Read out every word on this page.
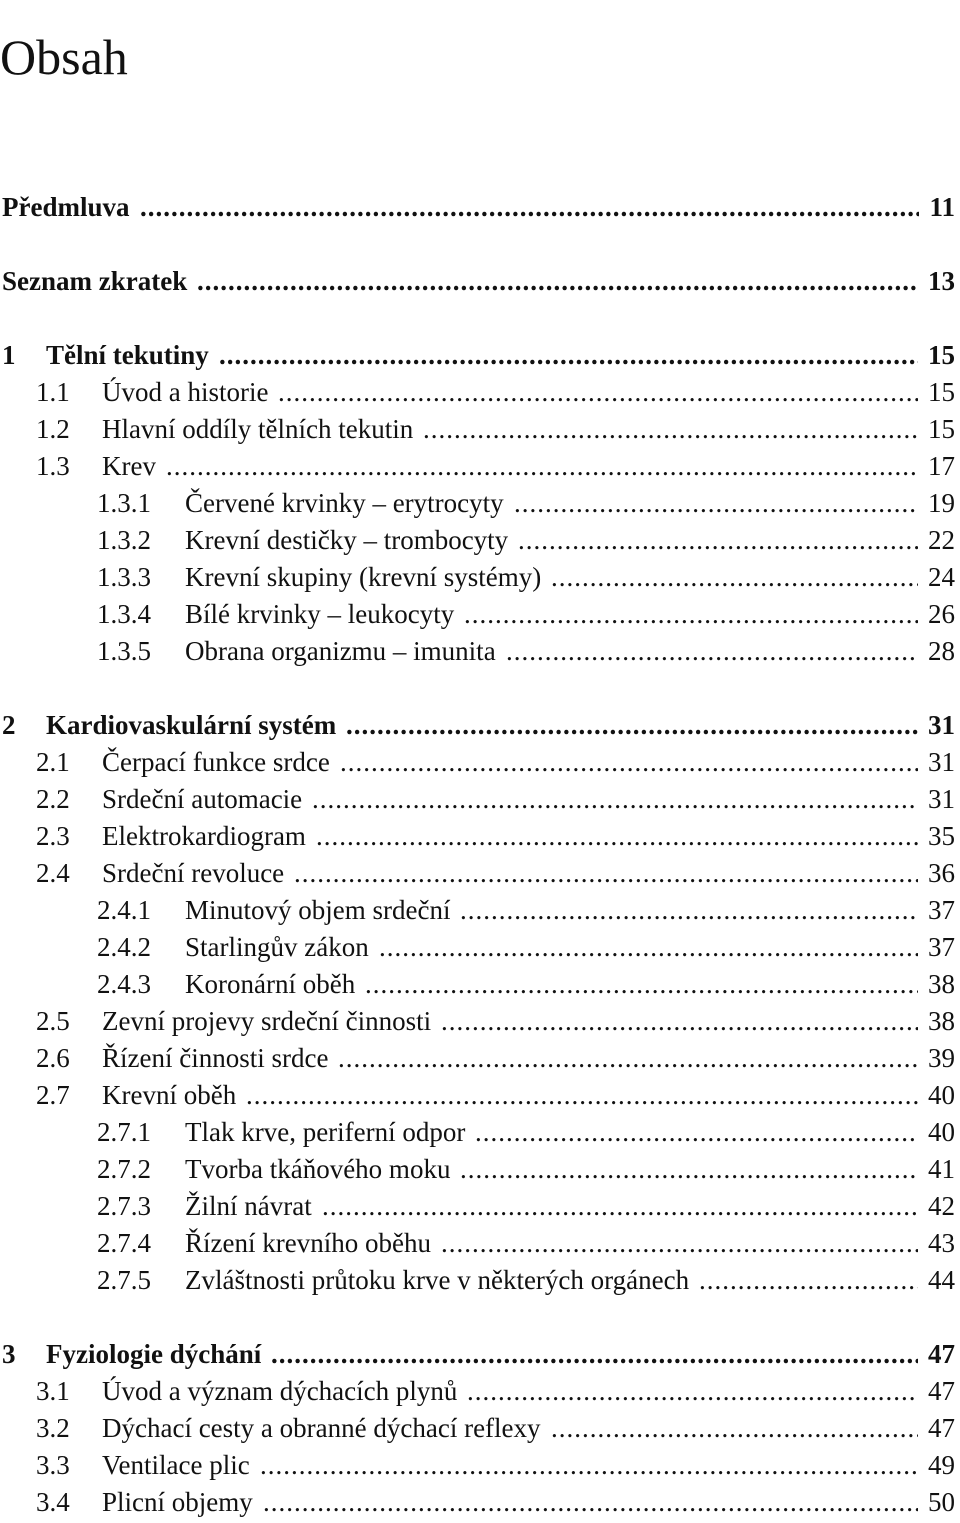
Obsah
Předmluva .....	11
Seznam zkratek .....	13
1 Tělní tekutiny .....	15
1.1 Úvod a historie .....	15
1.2 Hlavní oddíly tělních tekutin .....	15
1.3 Krev .....	17
1.3.1 Červené krvinky – erytrocyty .....	19
1.3.2 Krevní destičky – trombocyty .....	22
1.3.3 Krevní skupiny (krevní systémy) .....	24
1.3.4 Bílé krvinky – leukocyty .....	26
1.3.5 Obrana organizmu – imunita .....	28
2 Kardiovaskulární systém .....	31
2.1 Čerpací funkce srdce .....	31
2.2 Srdeční automacie .....	31
2.3 Elektrokardiogram .....	35
2.4 Srdeční revoluce .....	36
2.4.1 Minutový objem srdeční .....	37
2.4.2 Starlingův zákon .....	37
2.4.3 Koronární oběh .....	38
2.5 Zevní projevy srdeční činnosti .....	38
2.6 Řízení činnosti srdce .....	39
2.7 Krevní oběh .....	40
2.7.1 Tlak krve, periferní odpor .....	40
2.7.2 Tvorba tkáňového moku .....	41
2.7.3 Žilní návrat .....	42
2.7.4 Řízení krevního oběhu .....	43
2.7.5 Zvláštnosti průtoku krve v některých orgánech .....	44
3 Fyziologie dýchání .....	47
3.1 Úvod a význam dýchacích plynů .....	47
3.2 Dýchací cesty a obranné dýchací reflexy .....	47
3.3 Ventilace plic .....	49
3.4 Plicní objemy .....	50
